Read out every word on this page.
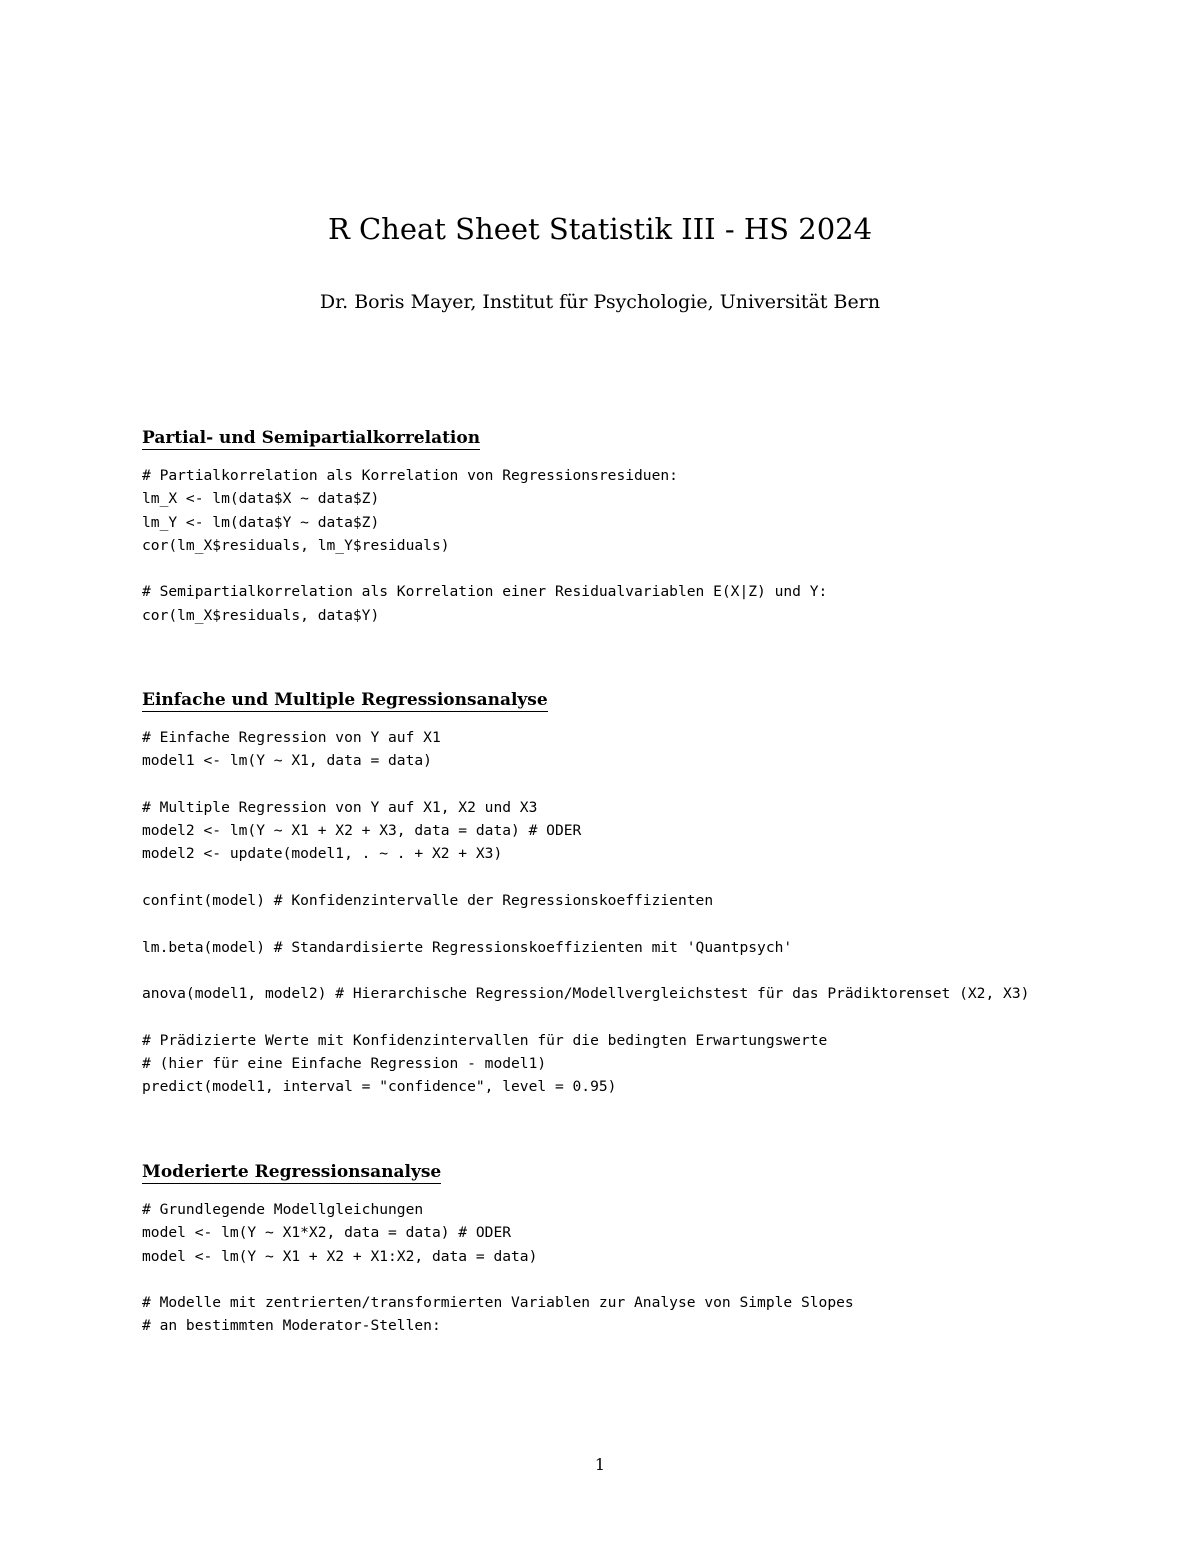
R Cheat Sheet Statistik III - HS 2024

Dr. Boris Mayer, Institut für Psychologie, Universität Bern

Partial- und Semipartialkorrelation
# Partialkorrelation als Korrelation von Regressionsresiduen:
lm_X <- lm(data$X ~ data$Z)
lm_Y <- lm(data$Y ~ data$Z)
cor(lm_X$residuals, lm_Y$residuals)
# Semipartialkorrelation als Korrelation einer Residualvariablen E(X|Z) und Y:
cor(lm_X$residuals, data$Y)
Einfache und Multiple Regressionsanalyse
# Einfache Regression von Y auf X1
model1 <- lm(Y ~ X1, data = data)
# Multiple Regression von Y auf X1, X2 und X3
model2 <- lm(Y ~ X1 + X2 + X3, data = data) # ODER
model2 <- update(model1, . ~ . + X2 + X3)
confint(model) # Konfidenzintervalle der Regressionskoeffizienten
lm.beta(model) # Standardisierte Regressionskoeffizienten mit 'Quantpsych'
anova(model1, model2) # Hierarchische Regression/Modellvergleichstest für das Prädiktorenset (X2, X3)
# Prädizierte Werte mit Konfidenzintervallen für die bedingten Erwartungswerte
# (hier für eine Einfache Regression - model1)
predict(model1, interval = "confidence", level = 0.95)
Moderierte Regressionsanalyse
# Grundlegende Modellgleichungen
model <- lm(Y ~ X1*X2, data = data) # ODER
model <- lm(Y ~ X1 + X2 + X1:X2, data = data)
# Modelle mit zentrierten/transformierten Variablen zur Analyse von Simple Slopes
# an bestimmten Moderator-Stellen:
1
